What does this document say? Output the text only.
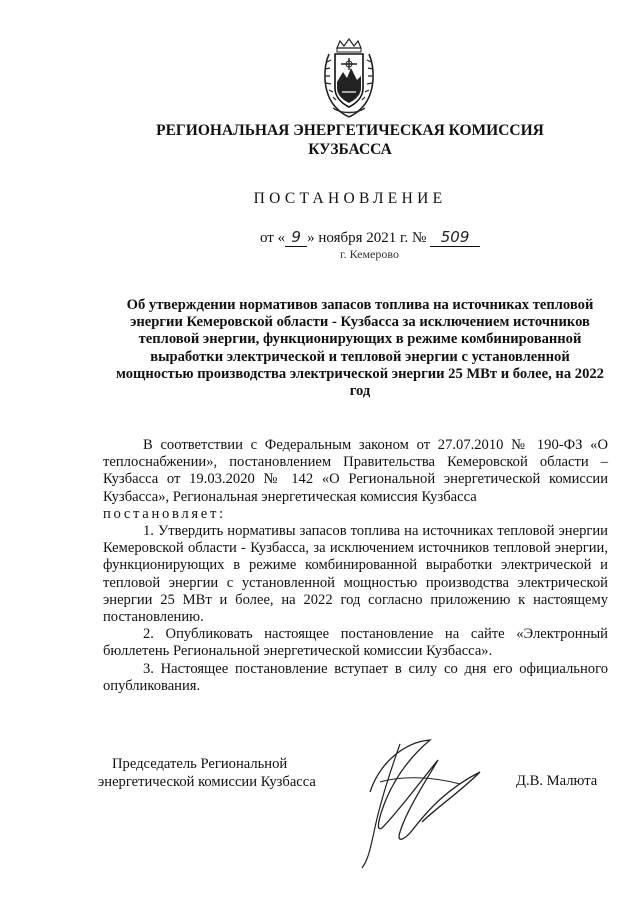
РЕГИОНАЛЬНАЯ ЭНЕРГЕТИЧЕСКАЯ КОМИССИЯ
КУЗБАССА
ПОСТАНОВЛЕНИЕ
от « 9 » ноября 2021 г. № 509
г. Кемерово
Об утверждении нормативов запасов топлива на источниках тепловой энергии Кемеровской области - Кузбасса за исключением источников тепловой энергии, функционирующих в режиме комбинированной выработки электрической и тепловой энергии с установленной мощностью производства электрической энергии 25 МВт и более, на 2022 год

В соответствии с Федеральным законом от 27.07.2010 № 190-ФЗ «О теплоснабжении», постановлением Правительства Кемеровской области – Кузбасса от 19.03.2020 № 142 «О Региональной энергетической комиссии Кузбасса», Региональная энергетическая комиссия Кузбасса

постановляет:

1. Утвердить нормативы запасов топлива на источниках тепловой энергии Кемеровской области - Кузбасса, за исключением источников тепловой энергии, функционирующих в режиме комбинированной выработки электрической и тепловой энергии с установленной мощностью производства электрической энергии 25 МВт и более, на 2022 год согласно приложению к настоящему постановлению.

2. Опубликовать настоящее постановление на сайте «Электронный бюллетень Региональной энергетической комиссии Кузбасса».

3. Настоящее постановление вступает в силу со дня его официального опубликования.

Председатель Региональной
энергетической комиссии Кузбасса	Д.В. Малюта
